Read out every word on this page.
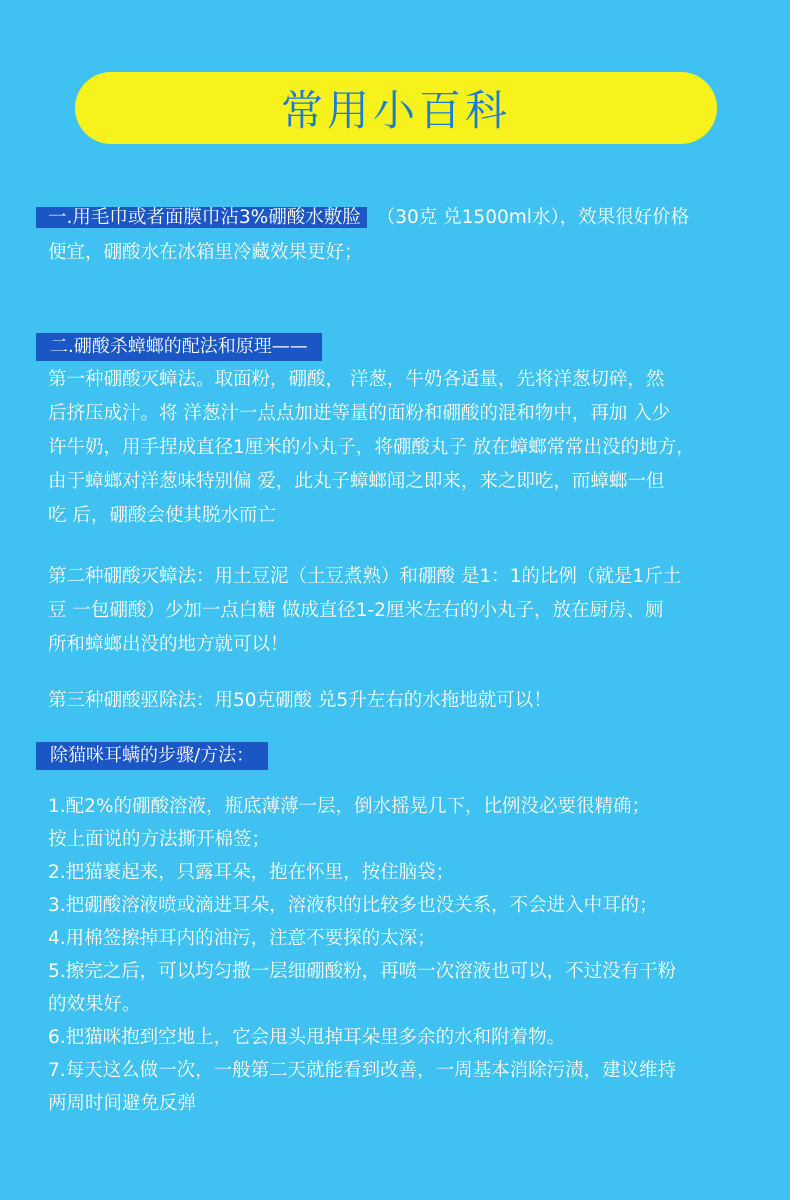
常用小百科
一.用毛巾或者面膜巾沾3%硼酸水敷脸 （30克 兑1500ml水），效果很好价格
便宜，硼酸水在冰箱里冷藏效果更好；
二.硼酸杀蟑螂的配法和原理——
第一种硼酸灭蟑法。取面粉，硼酸， 洋葱，牛奶各适量，先将洋葱切碎，然
后挤压成汁。将 洋葱汁一点点加进等量的面粉和硼酸的混和物中，再加 入少
许牛奶，用手捏成直径1厘米的小丸子，将硼酸丸子 放在蟑螂常常出没的地方，
由于蟑螂对洋葱味特别偏 爱，此丸子蟑螂闻之即来，来之即吃，而蟑螂一但
吃 后，硼酸会使其脱水而亡
第二种硼酸灭蟑法：用土豆泥（土豆煮熟）和硼酸 是1：1的比例（就是1斤土
豆 一包硼酸）少加一点白糖 做成直径1-2厘米左右的小丸子，放在厨房、厕
所和蟑螂出没的地方就可以！
第三种硼酸驱除法：用50克硼酸 兑5升左右的水拖地就可以！
除猫咪耳螨的步骤/方法：
1.配2%的硼酸溶液，瓶底薄薄一层，倒水摇晃几下，比例没必要很精确；
按上面说的方法撕开棉签；
2.把猫裹起来，只露耳朵，抱在怀里，按住脑袋；
3.把硼酸溶液喷或滴进耳朵，溶液积的比较多也没关系，不会进入中耳的；
4.用棉签擦掉耳内的油污，注意不要探的太深；
5.擦完之后，可以均匀撒一层细硼酸粉，再喷一次溶液也可以，不过没有干粉
的效果好。
6.把猫咪抱到空地上，它会甩头甩掉耳朵里多余的水和附着物。
7.每天这么做一次，一般第二天就能看到改善，一周基本消除污渍，建议维持
两周时间避免反弹
